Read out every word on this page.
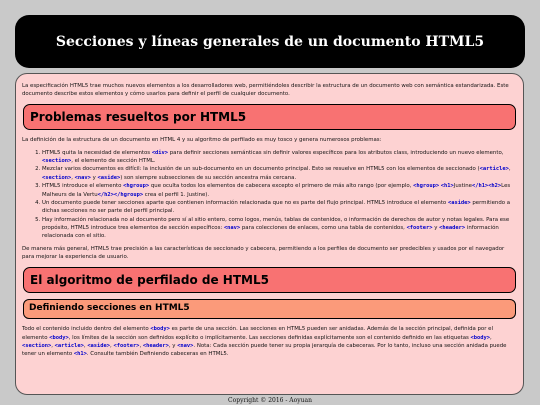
Secciones y líneas generales de un documento HTML5

La especificación HTML5 trae muchos nuevos elementos a los desarrolladores web, permitiéndoles describir la estructura de un documento web con semántica estandarizada. Este documento describe estos elementos y cómo usarlos para definir el perfil de cualquier documento.

Problemas resueltos por HTML5

La definición de la estructura de un documento en HTML 4 y su algoritmo de perfilado es muy tosco y genera numerosos problemas:

1. HTML5 quita la necesidad de elementos <div> para definir secciones semánticas sin definir valores específicos para los atributos class, introduciendo un nuevo elemento, <section>, el elemento de sección HTML.
2. Mezclar varios documentos es difícil: la inclusión de un sub-documento en un documento principal. Esto se resuelve en HTML5 con los elementos de seccionado (<article>, <section>, <nav> y <aside>) son siempre subsecciones de su sección ancestra más cercana.
3. HTML5 introduce el elemento <hgroup> que oculta todos los elementos de cabecera excepto el primero de más alto rango (por ejemplo, <hgroup> <h1>Justine</h1><h2>Les Malheurs de la Vertu</h2></hgroup> crea el perfil 1. Justine).
4. Un documento puede tener secciones aparte que contienen información relacionada que no es parte del flujo principal. HTML5 introduce el elemento <aside> permitiendo a dichas secciones no ser parte del perfil principal.
5. Hay información relacionada no al documento pero sí al sitio entero, como logos, menús, tablas de contenidos, o información de derechos de autor y notas legales. Para ese propósito, HTML5 introduce tres elementos de sección específicos: <nav> para colecciones de enlaces, como una tabla de contenidos, <footer> y <header> información relacionada con el sitio.

De manera más general, HTML5 trae precisión a las características de seccionado y cabecera, permitiendo a los perfiles de documento ser predecibles y usados por el navegador para mejorar la experiencia de usuario.

El algoritmo de perfilado de HTML5
Definiendo secciones en HTML5

Todo el contenido incluido dentro del elemento <body> es parte de una sección. Las secciones en HTML5 pueden ser anidadas. Además de la sección principal, definida por el elemento <body>, los límites de la sección son definidos explícito o implícitamente. Las secciones definidas explícitamente son el contenido definido en las etiquetas <body>, <section>, <article>, <aside>, <footer>, <header>, y <nav>. Nota: Cada sección puede tener su propia jerarquía de cabeceras. Por lo tanto, incluso una sección anidada puede tener un elemento <h1>. Consulte también Definiendo cabeceras en HTML5.

Copyright © 2016 - Aoyuan
